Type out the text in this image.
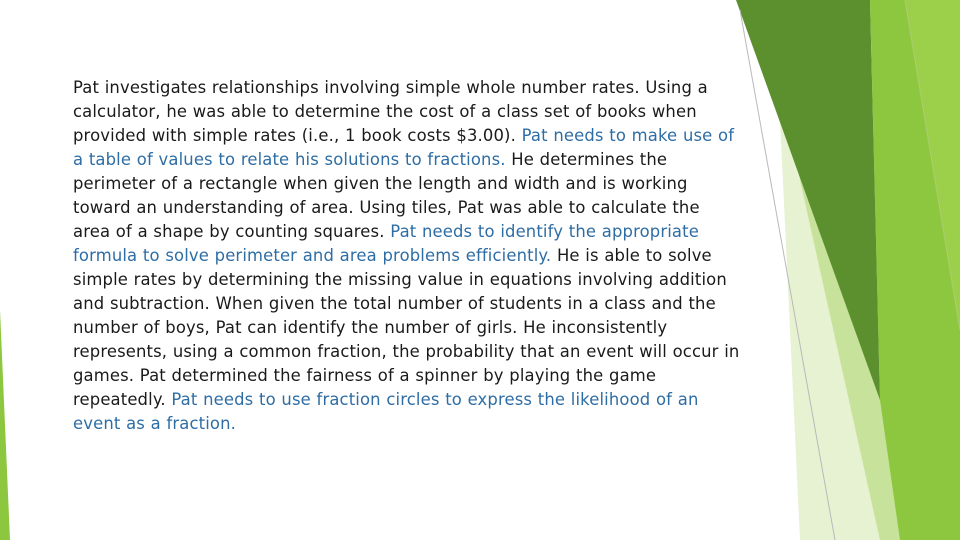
Pat investigates relationships involving simple whole number rates. Using a calculator, he was able to determine the cost of a class set of books when provided with simple rates (i.e., 1 book costs $3.00). Pat needs to make use of a table of values to relate his solutions to fractions. He determines the perimeter of a rectangle when given the length and width and is working toward an understanding of area. Using tiles, Pat was able to calculate the area of a shape by counting squares. Pat needs to identify the appropriate formula to solve perimeter and area problems efficiently. He is able to solve simple rates by determining the missing value in equations involving addition and subtraction. When given the total number of students in a class and the number of boys, Pat can identify the number of girls. He inconsistently represents, using a common fraction, the probability that an event will occur in games. Pat determined the fairness of a spinner by playing the game repeatedly. Pat needs to use fraction circles to express the likelihood of an event as a fraction.
